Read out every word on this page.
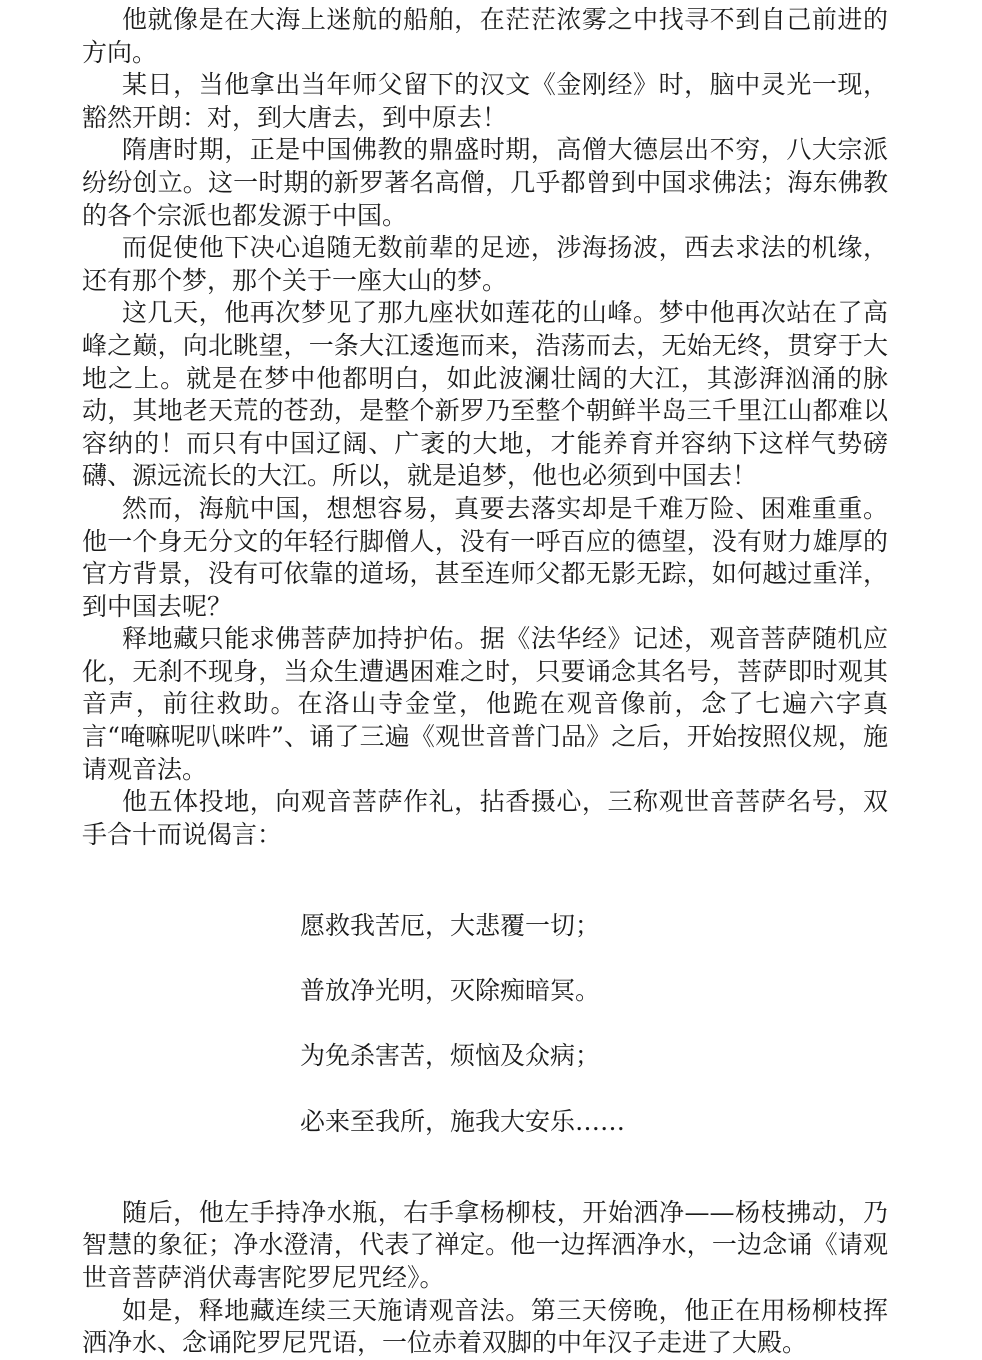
他就像是在大海上迷航的船舶，在茫茫浓雾之中找寻不到自己前进的方向。

某日，当他拿出当年师父留下的汉文《金刚经》时，脑中灵光一现，豁然开朗：对，到大唐去，到中原去！

隋唐时期，正是中国佛教的鼎盛时期，高僧大德层出不穷，八大宗派纷纷创立。这一时期的新罗著名高僧，几乎都曾到中国求佛法；海东佛教的各个宗派也都发源于中国。

而促使他下决心追随无数前辈的足迹，涉海扬波，西去求法的机缘，还有那个梦，那个关于一座大山的梦。

这几天，他再次梦见了那九座状如莲花的山峰。梦中他再次站在了高峰之巅，向北眺望，一条大江逶迤而来，浩荡而去，无始无终，贯穿于大地之上。就是在梦中他都明白，如此波澜壮阔的大江，其澎湃汹涌的脉动，其地老天荒的苍劲，是整个新罗乃至整个朝鲜半岛三千里江山都难以容纳的！而只有中国辽阔、广袤的大地，才能养育并容纳下这样气势磅礴、源远流长的大江。所以，就是追梦，他也必须到中国去！

然而，海航中国，想想容易，真要去落实却是千难万险、困难重重。他一个身无分文的年轻行脚僧人，没有一呼百应的德望，没有财力雄厚的官方背景，没有可依靠的道场，甚至连师父都无影无踪，如何越过重洋，到中国去呢？

释地藏只能求佛菩萨加持护佑。据《法华经》记述，观音菩萨随机应化，无刹不现身，当众生遭遇困难之时，只要诵念其名号，菩萨即时观其音声，前往救助。在洛山寺金堂，他跪在观音像前，念了七遍六字真言“唵嘛呢叭咪吽”、诵了三遍《观世音普门品》之后，开始按照仪规，施请观音法。

他五体投地，向观音菩萨作礼，拈香摄心，三称观世音菩萨名号，双手合十而说偈言：

愿救我苦厄，大悲覆一切；

普放净光明，灭除痴暗冥。

为免杀害苦，烦恼及众病；

必来至我所，施我大安乐……

随后，他左手持净水瓶，右手拿杨柳枝，开始洒净——杨枝拂动，乃智慧的象征；净水澄清，代表了禅定。他一边挥洒净水，一边念诵《请观世音菩萨消伏毒害陀罗尼咒经》。

如是，释地藏连续三天施请观音法。第三天傍晚，他正在用杨柳枝挥洒净水、念诵陀罗尼咒语，一位赤着双脚的中年汉子走进了大殿。
